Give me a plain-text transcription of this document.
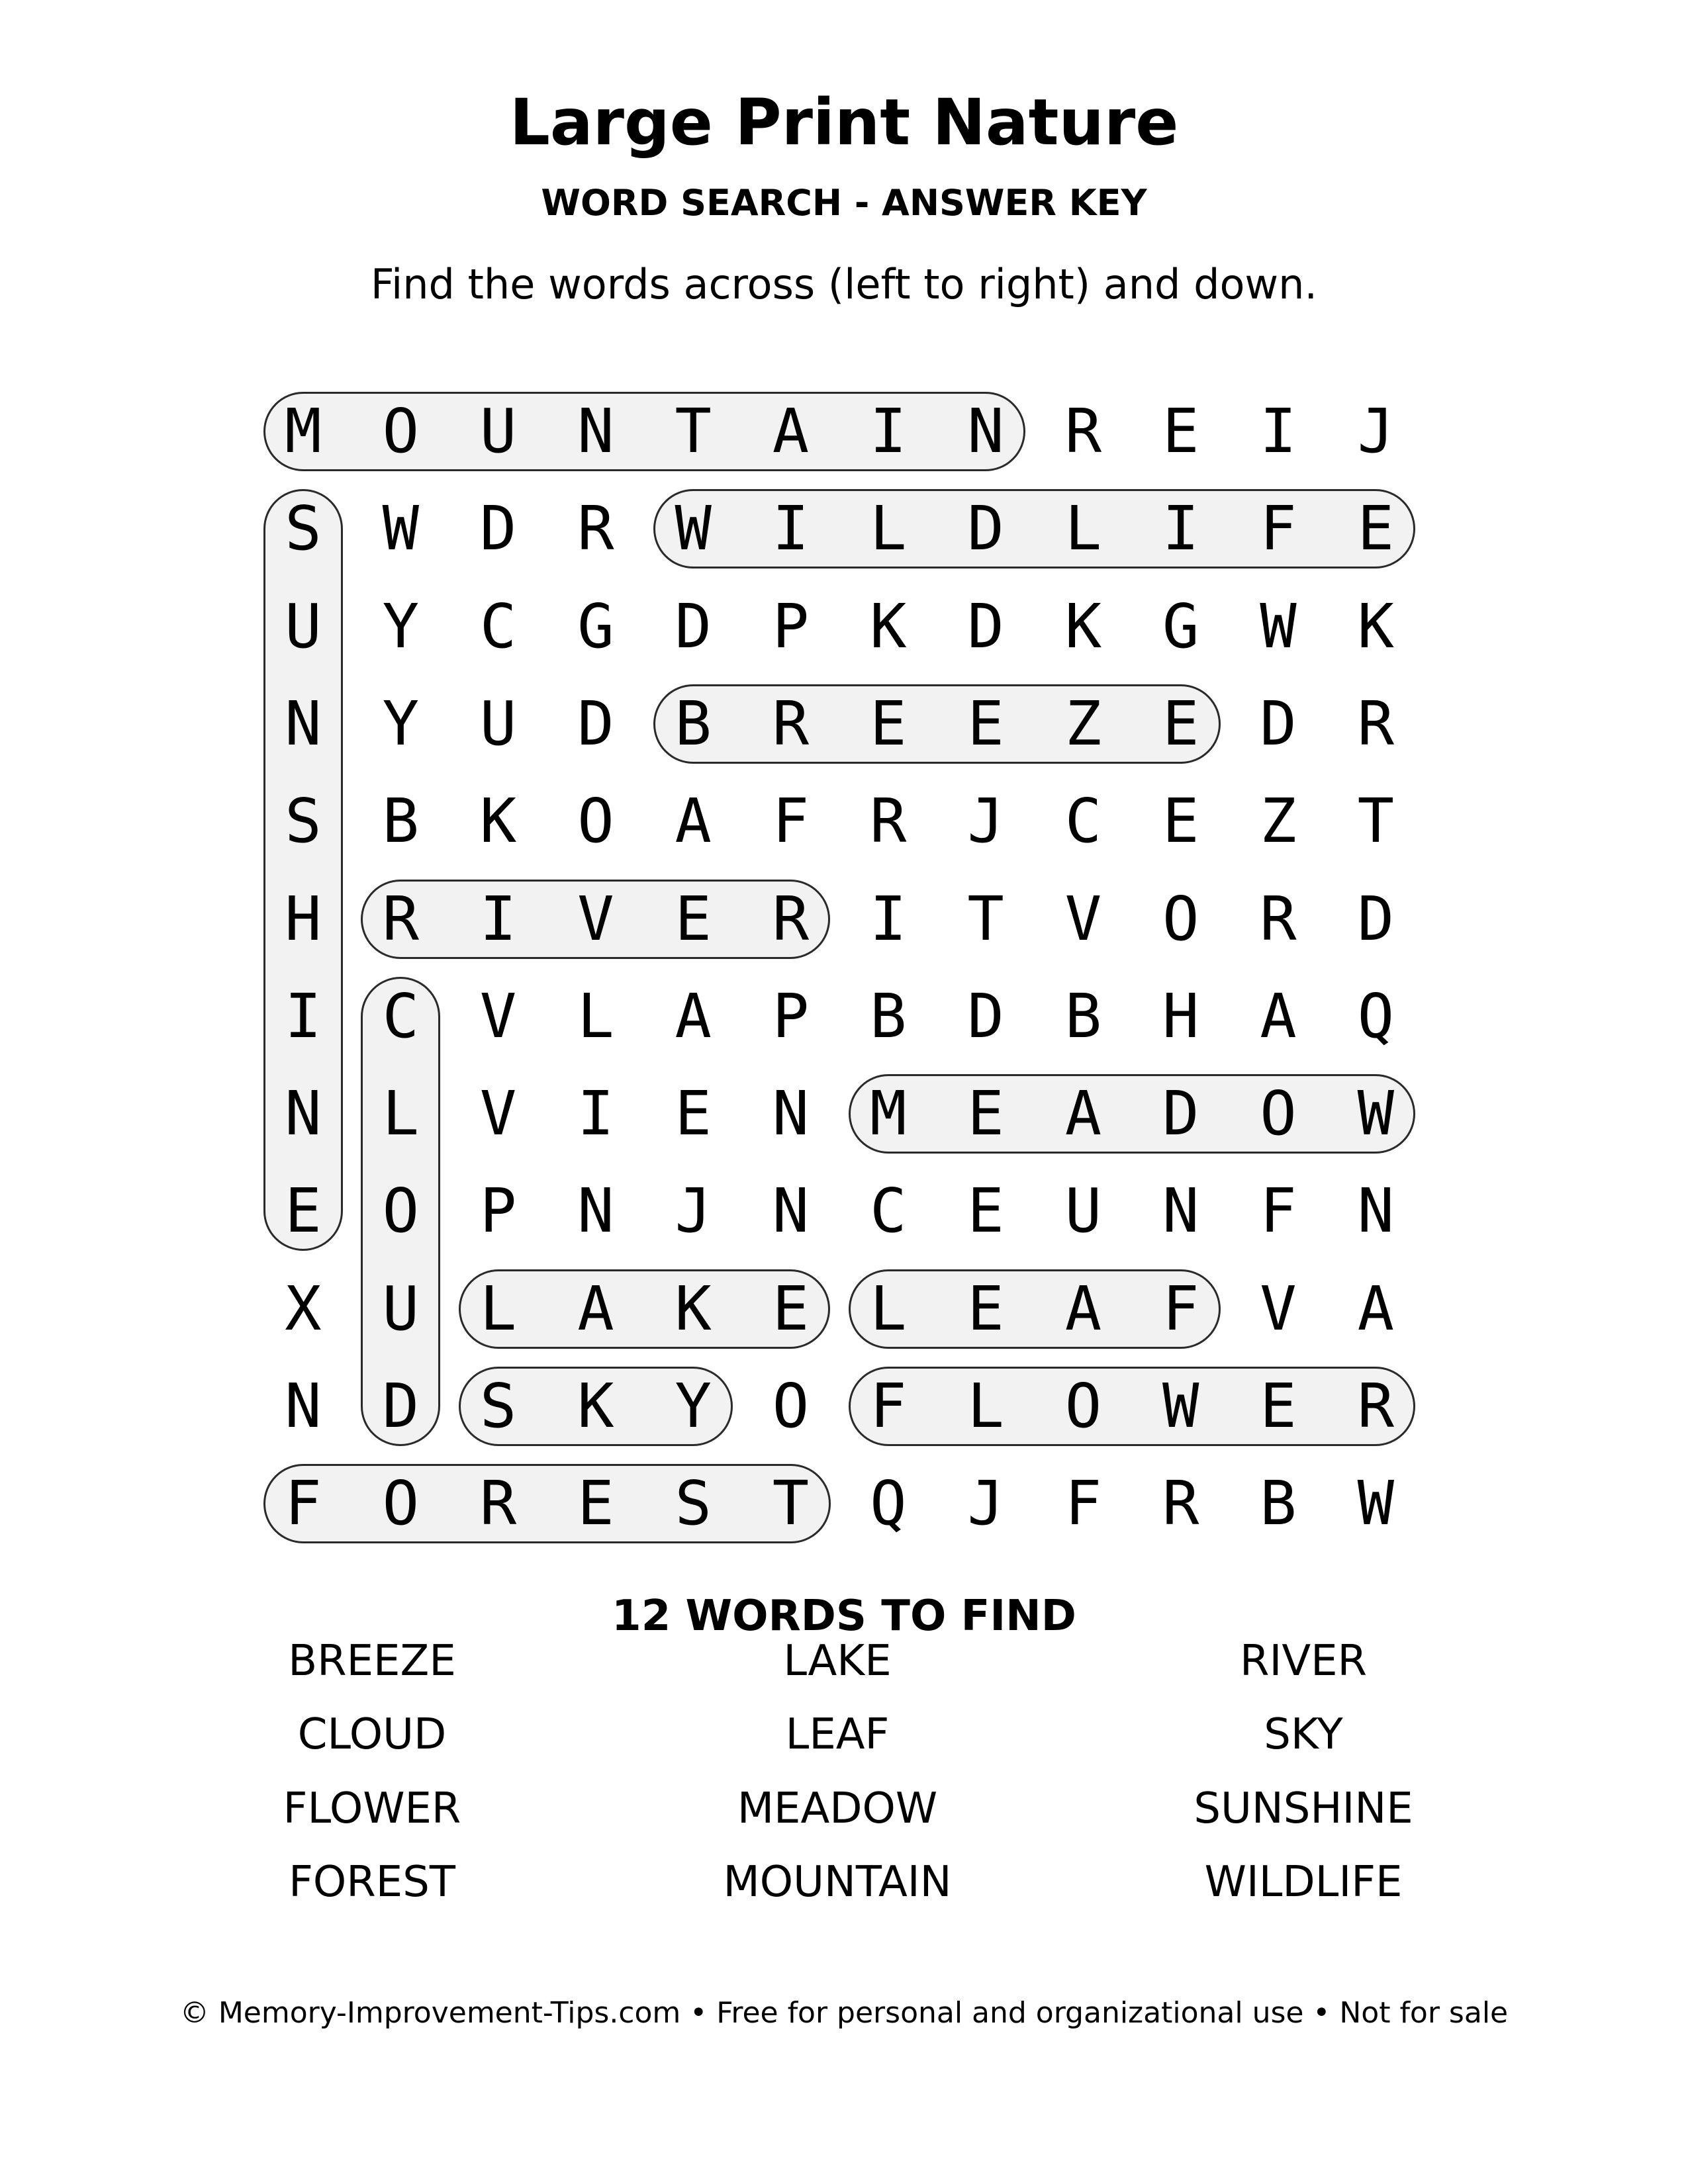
Large Print Nature
WORD SEARCH - ANSWER KEY
Find the words across (left to right) and down.
M O U N T A I N R E I J
S W D R W I L D L I F E
U Y C G D P K D K G W K
N Y U D B R E E Z E D R
S B K O A F R J C E Z T
H R I V E R I T V O R D
I C V L A P B D B H A Q
N L V I E N M E A D O W
E O P N J N C E U N F N
X U L A K E L E A F V A
N D S K Y O F L O W E R
F O R E S T Q J F R B W
12 WORDS TO FIND
BREEZE
CLOUD
FLOWER
FOREST
LAKE
LEAF
MEADOW
MOUNTAIN
RIVER
SKY
SUNSHINE
WILDLIFE
© Memory-Improvement-Tips.com • Free for personal and organizational use • Not for sale
